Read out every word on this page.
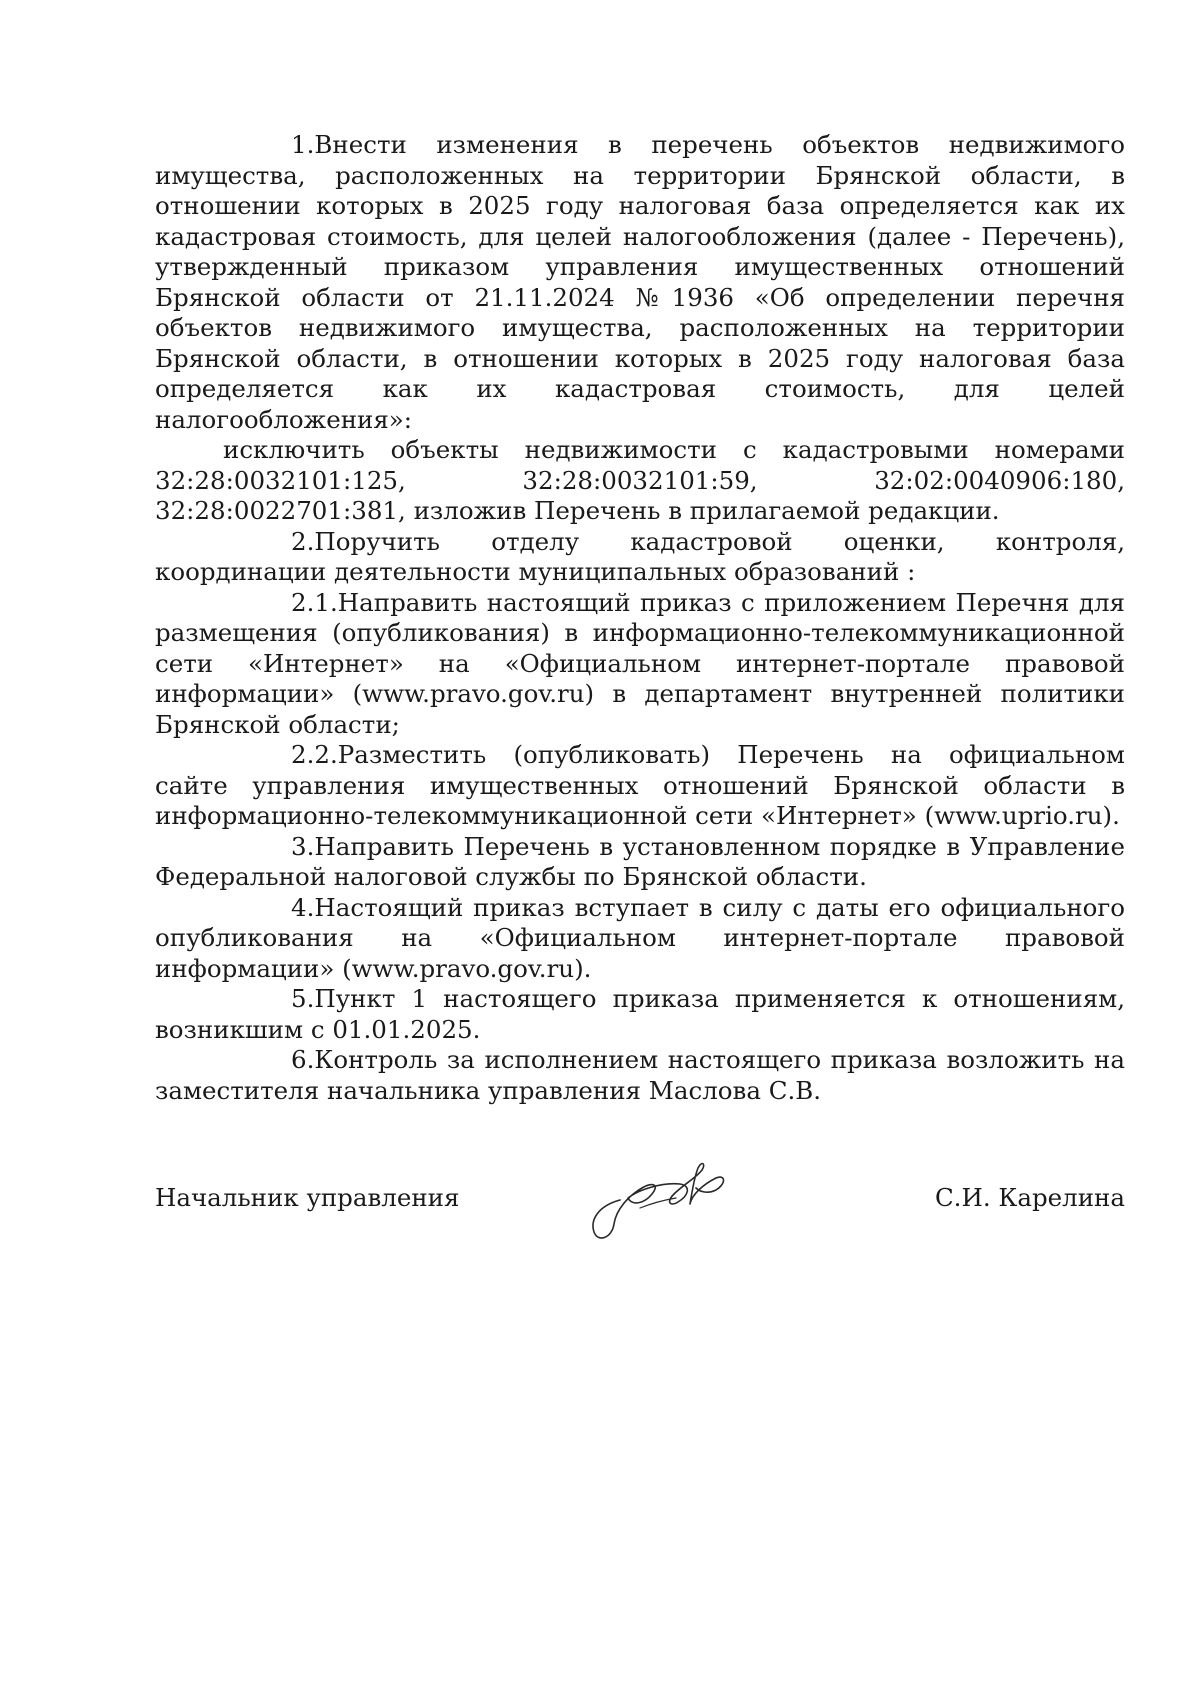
1.Внести изменения в перечень объектов недвижимого имущества, расположенных на территории Брянской области, в отношении которых в 2025 году налоговая база определяется как их кадастровая стоимость, для целей налогообложения (далее - Перечень), утвержденный приказом управления имущественных отношений Брянской области от 21.11.2024 №1936 «Об определении перечня объектов недвижимого имущества, расположенных на территории Брянской области, в отношении которых в 2025 году налоговая база определяется как их кадастровая стоимость, для целей налогообложения»:

исключить объекты недвижимости с кадастровыми номерами 32:28:0032101:125, 32:28:0032101:59, 32:02:0040906:180, 32:28:0022701:381, изложив Перечень в прилагаемой редакции.

2.Поручить отделу кадастровой оценки, контроля, координации деятельности муниципальных образований :

2.1.Направить настоящий приказ с приложением Перечня для размещения (опубликования) в информационно-телекоммуникационной сети «Интернет» на «Официальном интернет-портале правовой информации» (www.pravo.gov.ru) в департамент внутренней политики Брянской области;

2.2.Разместить (опубликовать) Перечень на официальном сайте управления имущественных отношений Брянской области в информационно-телекоммуникационной сети «Интернет» (www.uprio.ru).

3.Направить Перечень в установленном порядке в Управление Федеральной налоговой службы по Брянской области.

4.Настоящий приказ вступает в силу с даты его официального опубликования на «Официальном интернет-портале правовой информации» (www.pravo.gov.ru).

5.Пункт 1 настоящего приказа применяется к отношениям, возникшим с 01.01.2025.

6.Контроль за исполнением настоящего приказа возложить на заместителя начальника управления Маслова С.В.

Начальник управления	С.И. Карелина
